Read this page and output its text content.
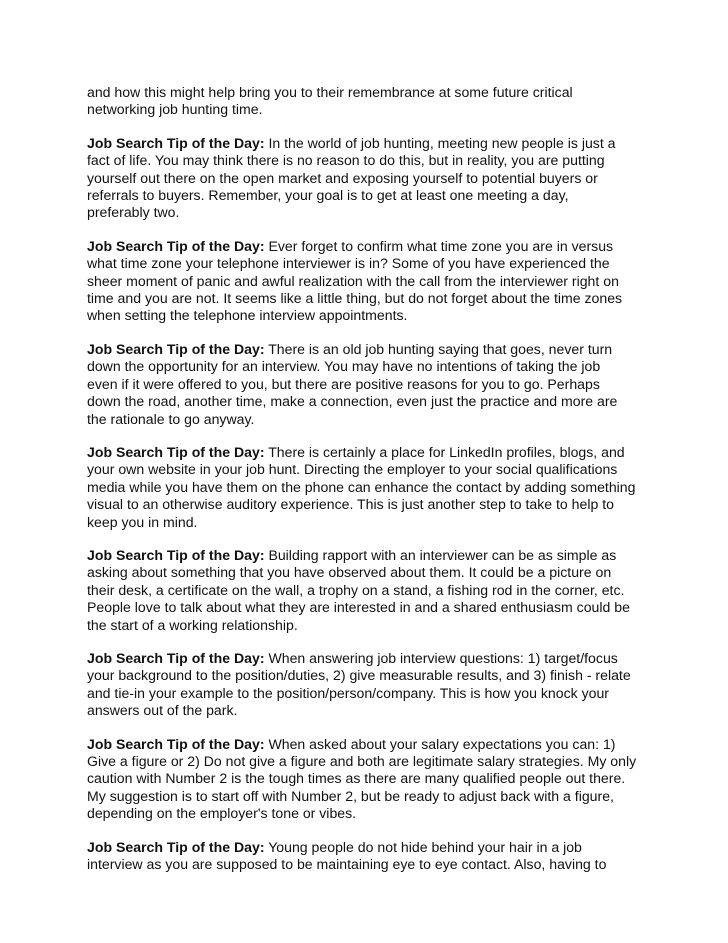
and how this might help bring you to their remembrance at some future critical
networking job hunting time.

Job Search Tip of the Day: In the world of job hunting, meeting new people is just a
fact of life. You may think there is no reason to do this, but in reality, you are putting
yourself out there on the open market and exposing yourself to potential buyers or
referrals to buyers. Remember, your goal is to get at least one meeting a day,
preferably two.

Job Search Tip of the Day: Ever forget to confirm what time zone you are in versus
what time zone your telephone interviewer is in? Some of you have experienced the
sheer moment of panic and awful realization with the call from the interviewer right on
time and you are not. It seems like a little thing, but do not forget about the time zones
when setting the telephone interview appointments.

Job Search Tip of the Day: There is an old job hunting saying that goes, never turn
down the opportunity for an interview. You may have no intentions of taking the job
even if it were offered to you, but there are positive reasons for you to go. Perhaps
down the road, another time, make a connection, even just the practice and more are
the rationale to go anyway.

Job Search Tip of the Day: There is certainly a place for LinkedIn profiles, blogs, and
your own website in your job hunt. Directing the employer to your social qualifications
media while you have them on the phone can enhance the contact by adding something
visual to an otherwise auditory experience. This is just another step to take to help to
keep you in mind.

Job Search Tip of the Day: Building rapport with an interviewer can be as simple as
asking about something that you have observed about them. It could be a picture on
their desk, a certificate on the wall, a trophy on a stand, a fishing rod in the corner, etc.
People love to talk about what they are interested in and a shared enthusiasm could be
the start of a working relationship.

Job Search Tip of the Day: When answering job interview questions: 1) target/focus
your background to the position/duties, 2) give measurable results, and 3) finish - relate
and tie-in your example to the position/person/company. This is how you knock your
answers out of the park.

Job Search Tip of the Day: When asked about your salary expectations you can: 1)
Give a figure or 2) Do not give a figure and both are legitimate salary strategies. My only
caution with Number 2 is the tough times as there are many qualified people out there.
My suggestion is to start off with Number 2, but be ready to adjust back with a figure,
depending on the employer's tone or vibes.

Job Search Tip of the Day: Young people do not hide behind your hair in a job
interview as you are supposed to be maintaining eye to eye contact. Also, having to
